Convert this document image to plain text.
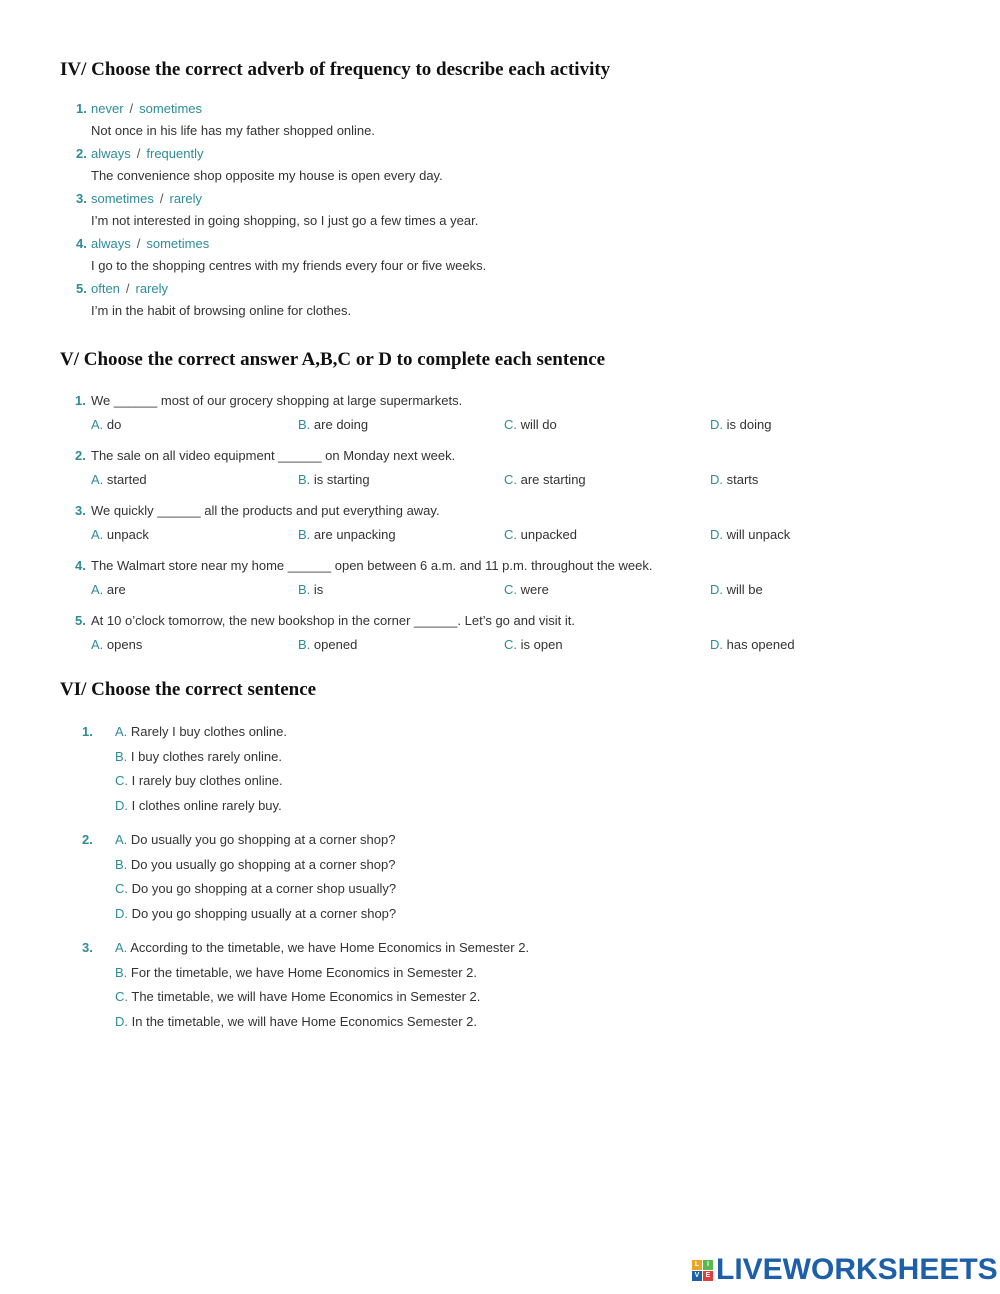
IV/ Choose the correct adverb of frequency to describe each activity
1. never / sometimes
Not once in his life has my father shopped online.
2. always / frequently
The convenience shop opposite my house is open every day.
3. sometimes / rarely
I’m not interested in going shopping, so I just go a few times a year.
4. always / sometimes
I go to the shopping centres with my friends every four or five weeks.
5. often / rarely
I’m in the habit of browsing online for clothes.
V/ Choose the correct answer A,B,C or D to complete each sentence
1. We ______ most of our grocery shopping at large supermarkets.
A. do	B. are doing	C. will do	D. is doing
2. The sale on all video equipment ______ on Monday next week.
A. started	B. is starting	C. are starting	D. starts
3. We quickly ______ all the products and put everything away.
A. unpack	B. are unpacking	C. unpacked	D. will unpack
4. The Walmart store near my home ______ open between 6 a.m. and 11 p.m. throughout the week.
A. are	B. is	C. were	D. will be
5. At 10 o’clock tomorrow, the new bookshop in the corner ______. Let’s go and visit it.
A. opens	B. opened	C. is open	D. has opened
VI/ Choose the correct sentence
1. A. Rarely I buy clothes online.
B. I buy clothes rarely online.
C. I rarely buy clothes online.
D. I clothes online rarely buy.
2. A. Do usually you go shopping at a corner shop?
B. Do you usually go shopping at a corner shop?
C. Do you go shopping at a corner shop usually?
D. Do you go shopping usually at a corner shop?
3. A. According to the timetable, we have Home Economics in Semester 2.
B. For the timetable, we have Home Economics in Semester 2.
C. The timetable, we will have Home Economics in Semester 2.
D. In the timetable, we will have Home Economics Semester 2.
L	I
V E LIVEWORKSHEETS
